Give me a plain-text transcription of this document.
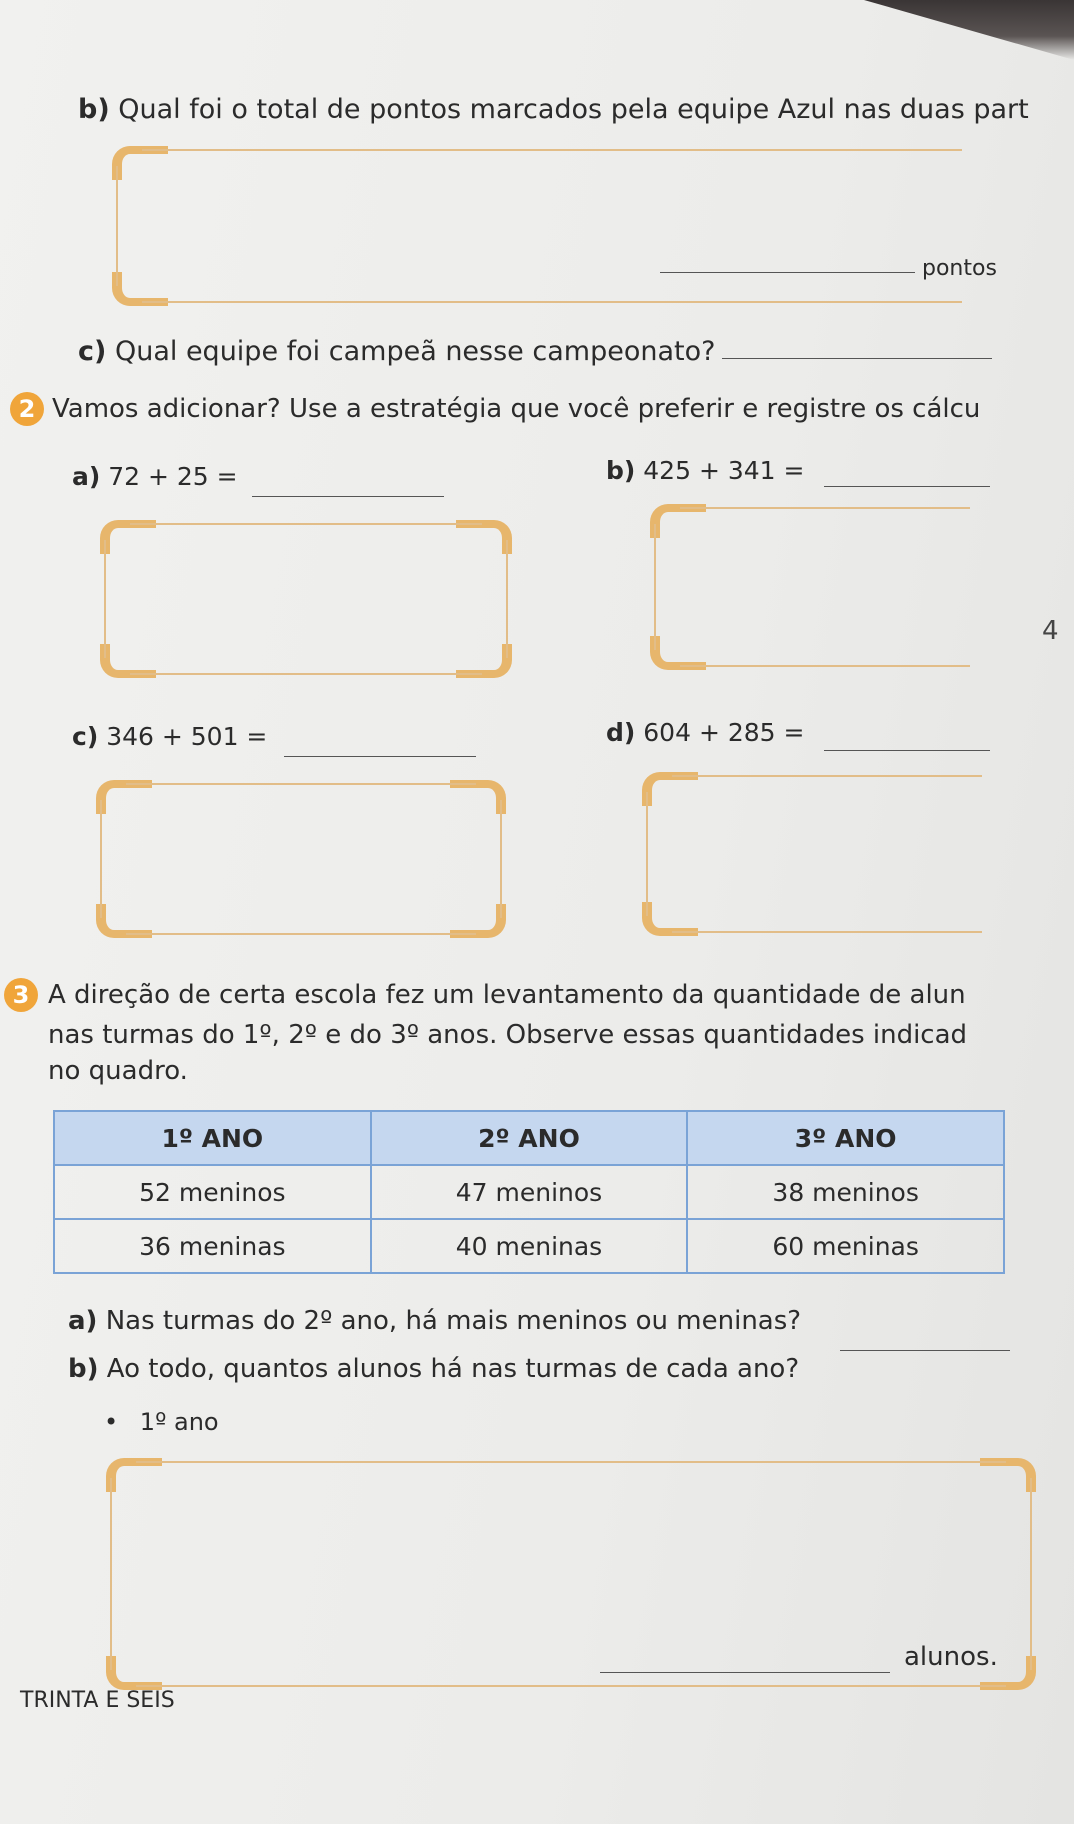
b) Qual foi o total de pontos marcados pela equipe Azul nas duas part
pontos
c) Qual equipe foi campeã nesse campeonato?
2 Vamos adicionar? Use a estratégia que você preferir e registre os cálcu
a) 72 + 25 =	b) 425 + 341 =
4
c) 346 + 501 =	d) 604 + 285 =
3 A direção de certa escola fez um levantamento da quantidade de alun
nas turmas do 1º, 2º e do 3º anos. Observe essas quantidades indicad
no quadro.
1º ANO	2º ANO	3º ANO
52 meninos	47 meninos	38 meninos
36 meninas	40 meninas	60 meninas
a) Nas turmas do 2º ano, há mais meninos ou meninas?
b) Ao todo, quantos alunos há nas turmas de cada ano?
• 1º ano
alunos.
TRINTA E SEIS
